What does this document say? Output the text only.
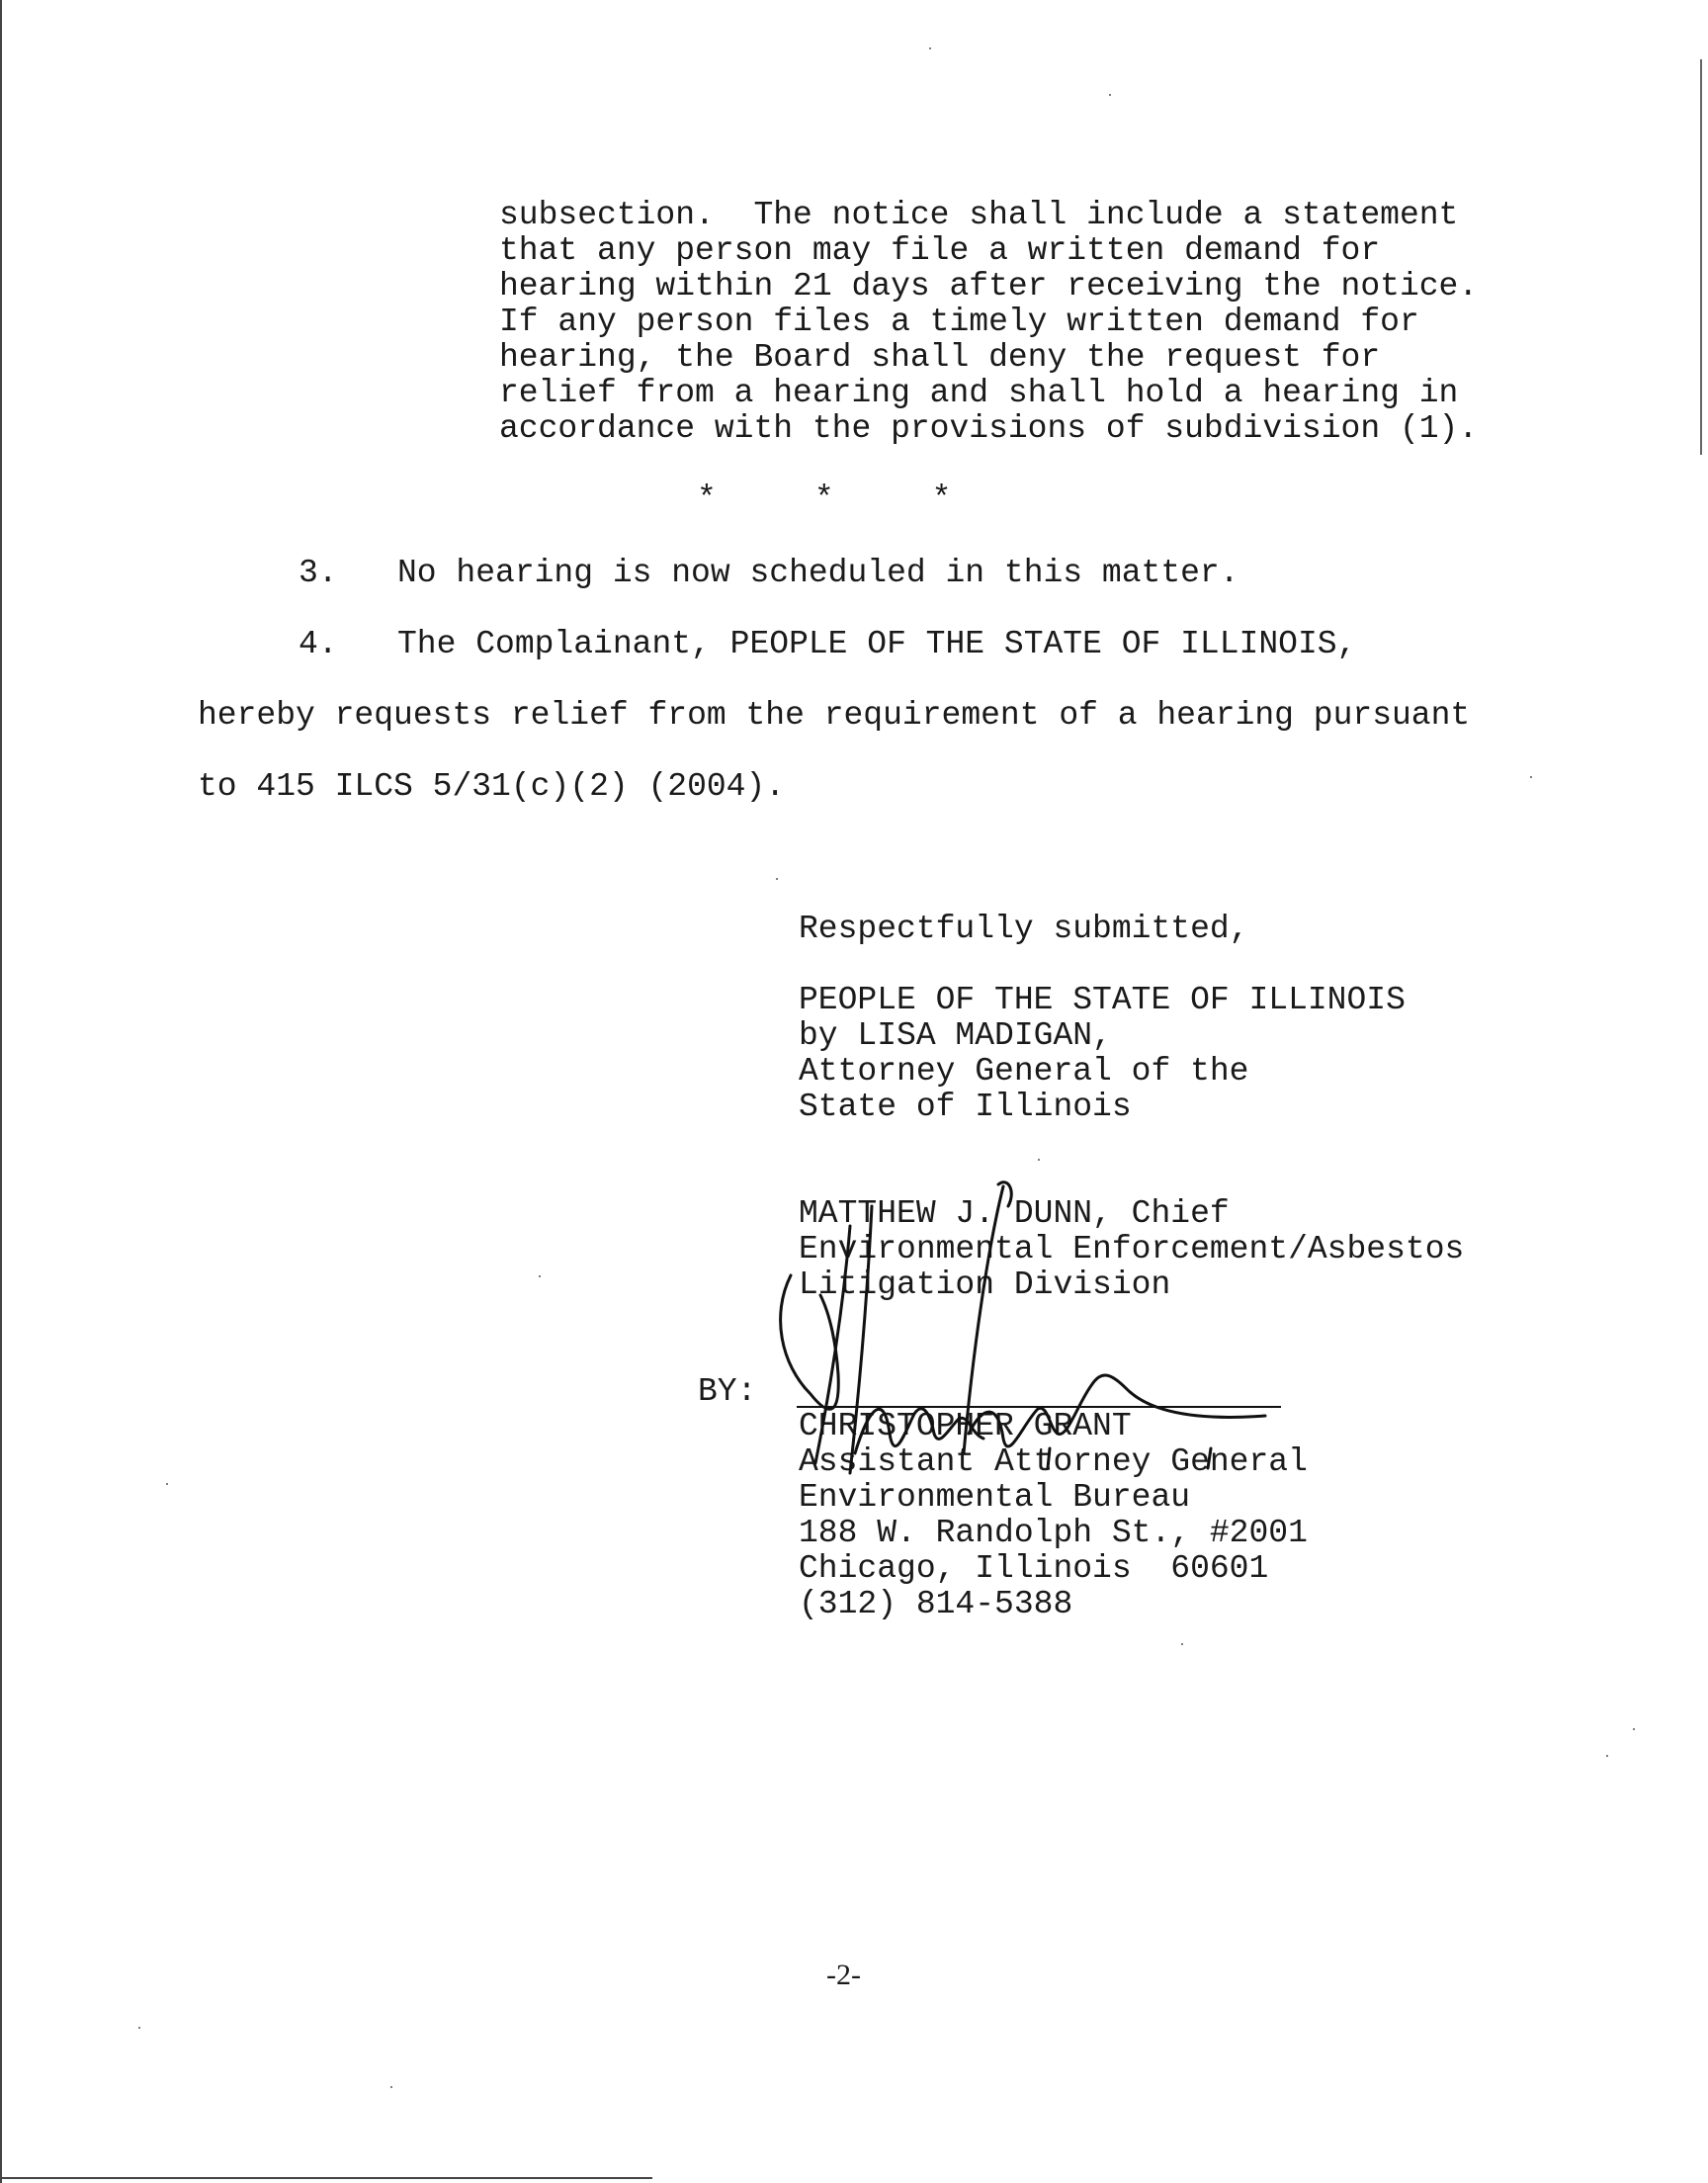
subsection.  The notice shall include a statement

that any person may file a written demand for

hearing within 21 days after receiving the notice.

If any person files a timely written demand for

hearing, the Board shall deny the request for

relief from a hearing and shall hold a hearing in

accordance with the provisions of subdivision (1).

*     *     *

3. No hearing is now scheduled in this matter.

4. The Complainant, PEOPLE OF THE STATE OF ILLINOIS,

hereby requests relief from the requirement of a hearing pursuant

to 415 ILCS 5/31(c)(2) (2004).

Respectfully submitted,

PEOPLE OF THE STATE OF ILLINOIS

by LISA MADIGAN,

Attorney General of the

State of Illinois

MATTHEW J. DUNN, Chief

Environmental Enforcement/Asbestos

Litigation Division

BY:

CHRISTOPHER GRANT

Assistant Attorney General

Environmental Bureau

188 W. Randolph St., #2001

Chicago, Illinois  60601

(312) 814-5388

-2-
